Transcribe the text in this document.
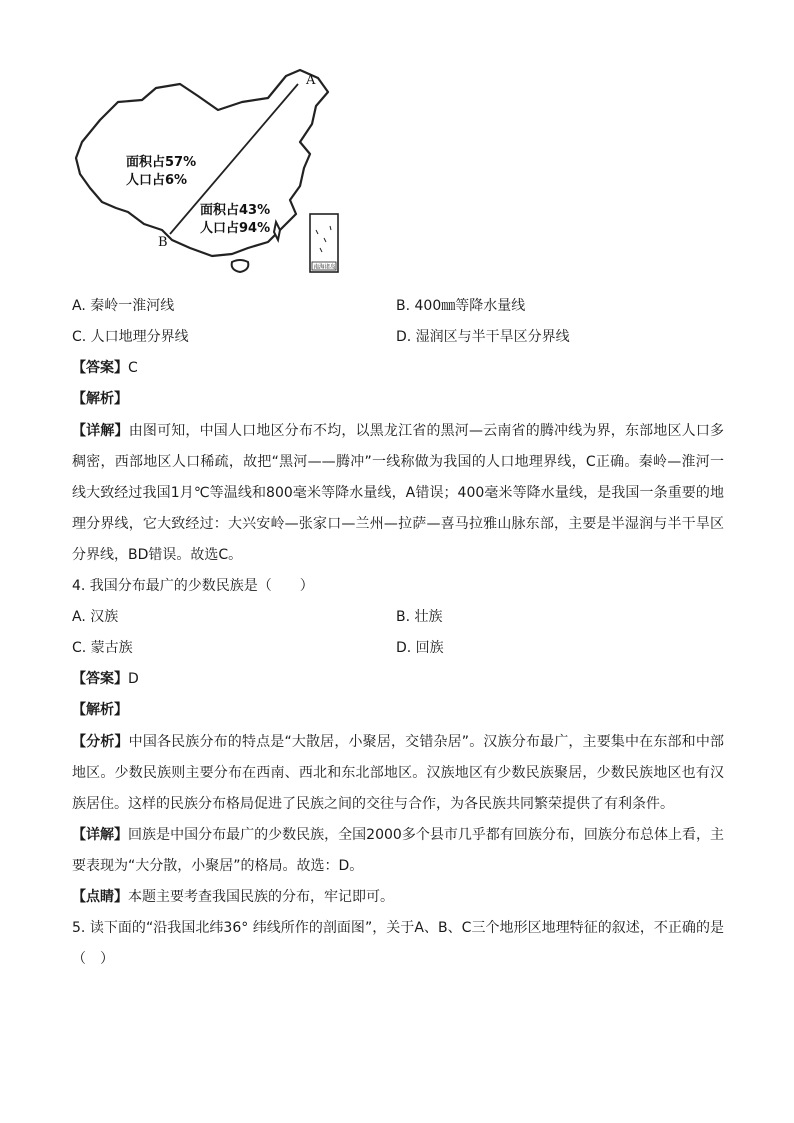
A
B
面积占57%
人口占6%
面积占43%
人口占94%
南海诸岛
A. 秦岭一淮河线	B. 400㎜等降水量线
C. 人口地理分界线	D. 湿润区与半干旱区分界线
【答案】C
【解析】
【详解】由图可知，中国人口地区分布不均，以黑龙江省的黑河—云南省的腾冲线为界，东部地区人口多稠密，西部地区人口稀疏，故把“黑河——腾冲”一线称做为我国的人口地理界线，C正确。秦岭—淮河一线大致经过我国1月℃等温线和800毫米等降水量线，A错误；400毫米等降水量线，是我国一条重要的地理分界线，它大致经过：大兴安岭—张家口—兰州—拉萨—喜马拉雅山脉东部，主要是半湿润与半干旱区分界线，BD错误。故选C。
4. 我国分布最广的少数民族是（　　）
A. 汉族	B. 壮族
C. 蒙古族	D. 回族
【答案】D
【解析】
【分析】中国各民族分布的特点是“大散居，小聚居，交错杂居”。汉族分布最广，主要集中在东部和中部地区。少数民族则主要分布在西南、西北和东北部地区。汉族地区有少数民族聚居，少数民族地区也有汉族居住。这样的民族分布格局促进了民族之间的交往与合作，为各民族共同繁荣提供了有利条件。
【详解】回族是中国分布最广的少数民族，全国2000多个县市几乎都有回族分布，回族分布总体上看，主要表现为“大分散，小聚居”的格局。故选：D。
【点睛】本题主要考查我国民族的分布，牢记即可。
5. 读下面的“沿我国北纬36° 纬线所作的剖面图”，关于A、B、C三个地形区地理特征的叙述，不正确的是（　）
